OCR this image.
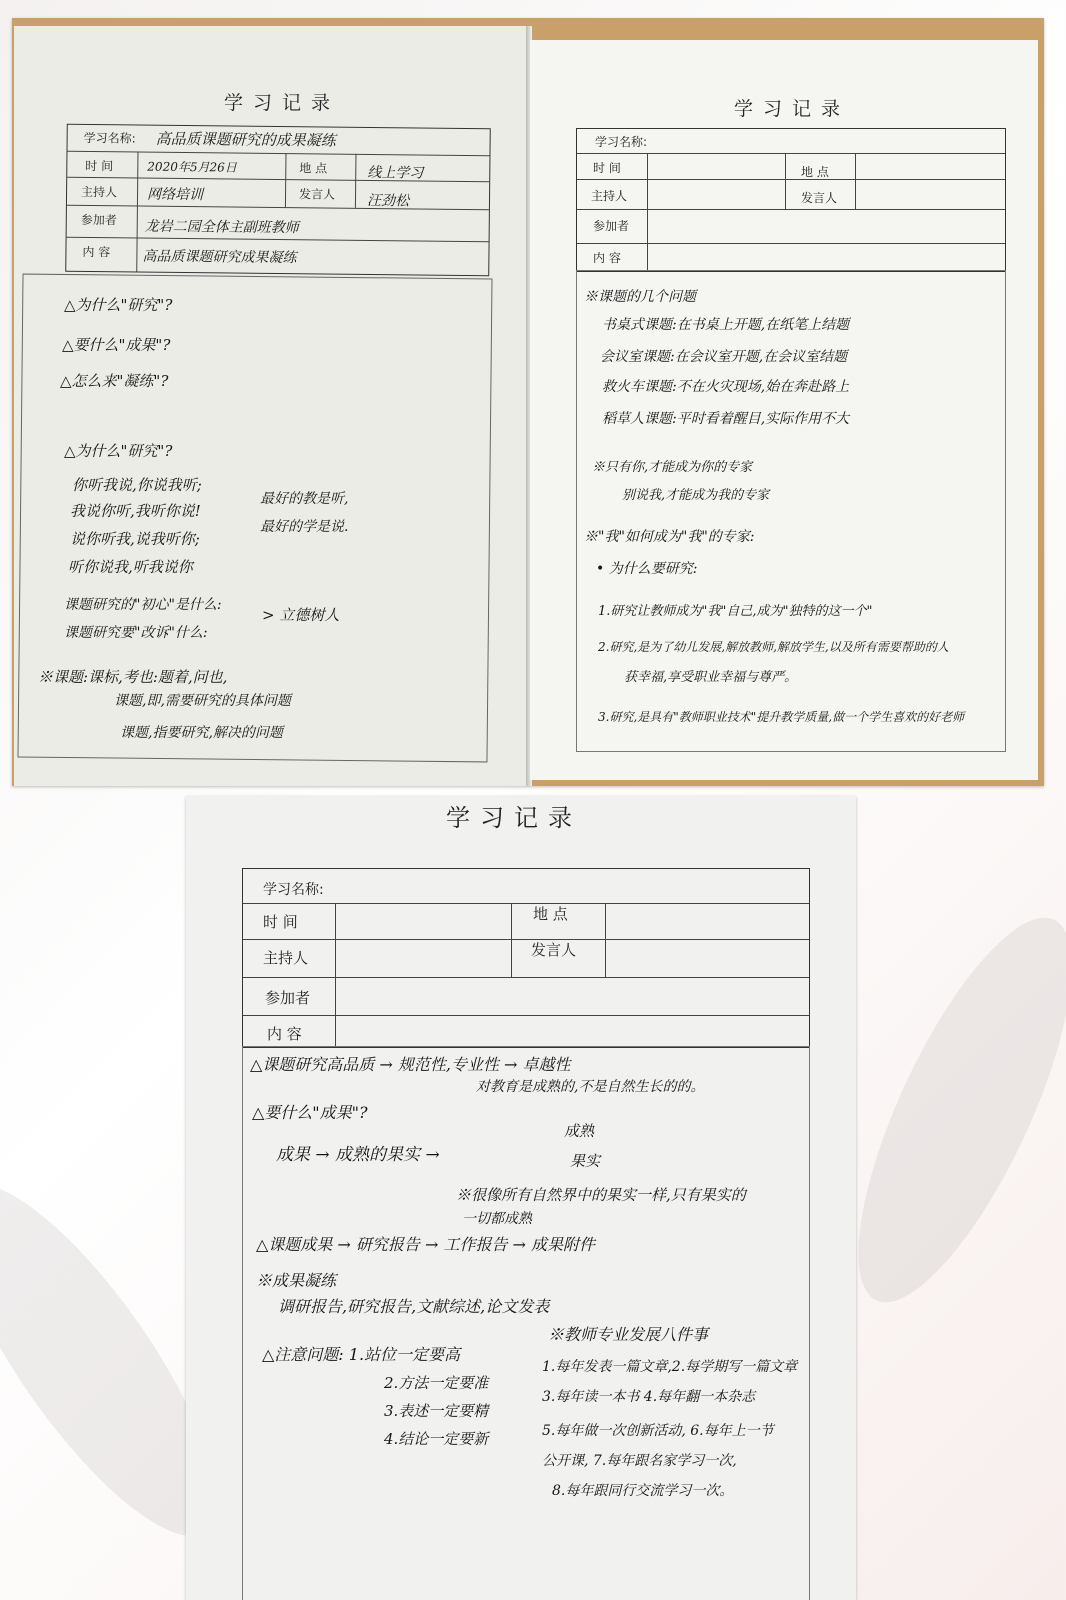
学习记录
学习名称: 高品质课题研究的成果凝练
时 间	2020年5月26日	地 点	线上学习
主持人 网络培训	发言人 汪劲松
参加者 龙岩二园全体主副班教师
内 容 高品质课题研究成果凝练
△为什么"研究"?
△要什么"成果"?
△怎么来"凝练"?
△为什么"研究"?
你听我说,你说我听;
我说你听,我听你说!
说你听我,说我听你;
听你说我,听我说你
最好的教是听,
最好的学是说.
课题研究的"初心"是什么:
课题研究要"改诉"什么:
> 立德树人
※课题:课标,考也:题着,问也,
课题,即,需要研究的具体问题
课题,指要研究,解决的问题
学习记录
学习名称:
时 间	地 点
主持人	发言人
参加者
内 容
※课题的几个问题
书桌式课题:在书桌上开题,在纸笔上结题
会议室课题:在会议室开题,在会议室结题
救火车课题:不在火灾现场,始在奔赴路上
稻草人课题:平时看着醒目,实际作用不大
※只有你,才能成为你的专家
别说我,才能成为我的专家
※"我"如何成为"我"的专家:
• 为什么要研究:
1.研究让教师成为"我"自己,成为"独特的这一个"
2.研究,是为了幼儿发展,解放教师,解放学生,以及所有需要帮助的人
获幸福,享受职业幸福与尊严。
3.研究,是具有"教师职业技术"提升教学质量,做一个学生喜欢的好老师
学习记录
学习名称:
时 间	地 点
主持人	发言人
参加者
内 容
△课题研究高品质 → 规范性,专业性 → 卓越性
对教育是成熟的,不是自然生长的的。
△要什么"成果"?
成熟
果实
成果 → 成熟的果实 →
※很像所有自然界中的果实一样,只有果实的
一切都成熟
△课题成果 → 研究报告 → 工作报告 → 成果附件
※成果凝练
调研报告,研究报告,文献综述,论文发表
※教师专业发展八件事
△注意问题: 1.站位一定要高
2.方法一定要准
3.表述一定要精
4.结论一定要新
1.每年发表一篇文章,2.每学期写一篇文章
3.每年读一本书 4.每年翻一本杂志
5.每年做一次创新活动, 6.每年上一节
公开课, 7.每年跟名家学习一次,
8.每年跟同行交流学习一次。
